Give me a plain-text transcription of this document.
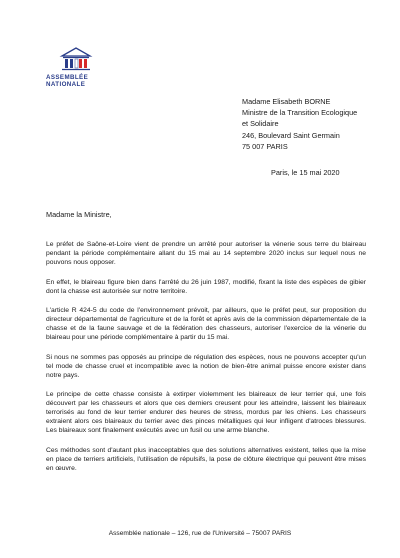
ASSEMBLÉE
NATIONALE
Madame Elisabeth BORNE
Ministre de la Transition Ecologique
et Solidaire
246, Boulevard Saint Germain
75 007 PARIS
Paris, le 15 mai 2020
Madame la Ministre,

Le préfet de Saône-et-Loire vient de prendre un arrêté pour autoriser la vénerie sous terre du blaireau pendant la période complémentaire allant du 15 mai au 14 septembre 2020 inclus sur lequel nous ne pouvons nous opposer.

En effet, le blaireau figure bien dans l'arrêté du 26 juin 1987, modifié, fixant la liste des espèces de gibier dont la chasse est autorisée sur notre territoire.

L'article R 424-5 du code de l'environnement prévoit, par ailleurs, que le préfet peut, sur proposition du directeur départemental de l'agriculture et de la forêt et après avis de la commission départementale de la chasse et de la faune sauvage et de la fédération des chasseurs, autoriser l'exercice de la vénerie du blaireau pour une période complémentaire à partir du 15 mai.

Si nous ne sommes pas opposés au principe de régulation des espèces, nous ne pouvons accepter qu'un tel mode de chasse cruel et incompatible avec la notion de bien-être animal puisse encore exister dans notre pays.

Le principe de cette chasse consiste à extirper violemment les blaireaux de leur terrier qui, une fois découvert par les chasseurs et alors que ces derniers creusent pour les atteindre, laissent les blaireaux terrorisés au fond de leur terrier endurer des heures de stress, mordus par les chiens. Les chasseurs extraient alors ces blaireaux du terrier avec des pinces métalliques qui leur infligent d'atroces blessures. Les blaireaux sont finalement exécutés avec un fusil ou une arme blanche.

Ces méthodes sont d'autant plus inacceptables que des solutions alternatives existent, telles que la mise en place de terriers artificiels, l'utilisation de répulsifs, la pose de clôture électrique qui peuvent être mises en œuvre.

Assemblée nationale – 126, rue de l'Université – 75007 PARIS
